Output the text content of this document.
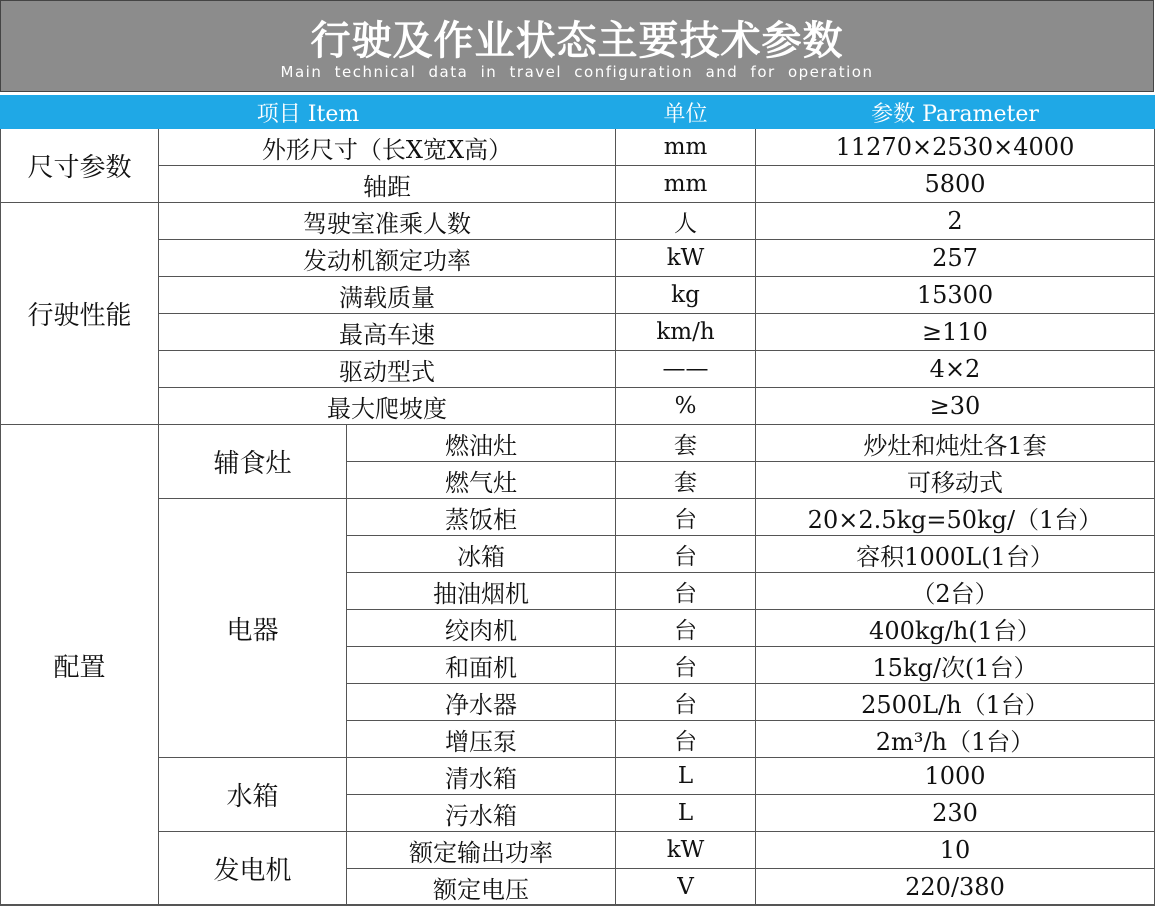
行驶及作业状态主要技术参数
Main technical data in travel configuration and for operation
项目 Item			单位	参数 Parameter
尺寸参数	外形尺寸（长X宽X高）		mm	11270×2530×4000
	轴距		mm	5800
行驶性能	驾驶室准乘人数		人	2
	发动机额定功率		kW	257
	满载质量		kg	15300
	最高车速		km/h	≥110
	驱动型式		——	4×2
	最大爬坡度		%	≥30
配置	辅食灶	燃油灶	套	炒灶和炖灶各1套
		燃气灶	套	可移动式
	电器	蒸饭柜	台	20×2.5kg=50kg/（1台）
		冰箱	台	容积1000L(1台）
		抽油烟机	台	（2台）
		绞肉机	台	400kg/h(1台）
		和面机	台	15kg/次(1台）
		净水器	台	2500L/h（1台）
		增压泵	台	2m³/h（1台）
	水箱	清水箱	L	1000
		污水箱	L	230
	发电机	额定输出功率	kW	10
		额定电压	V	220/380
